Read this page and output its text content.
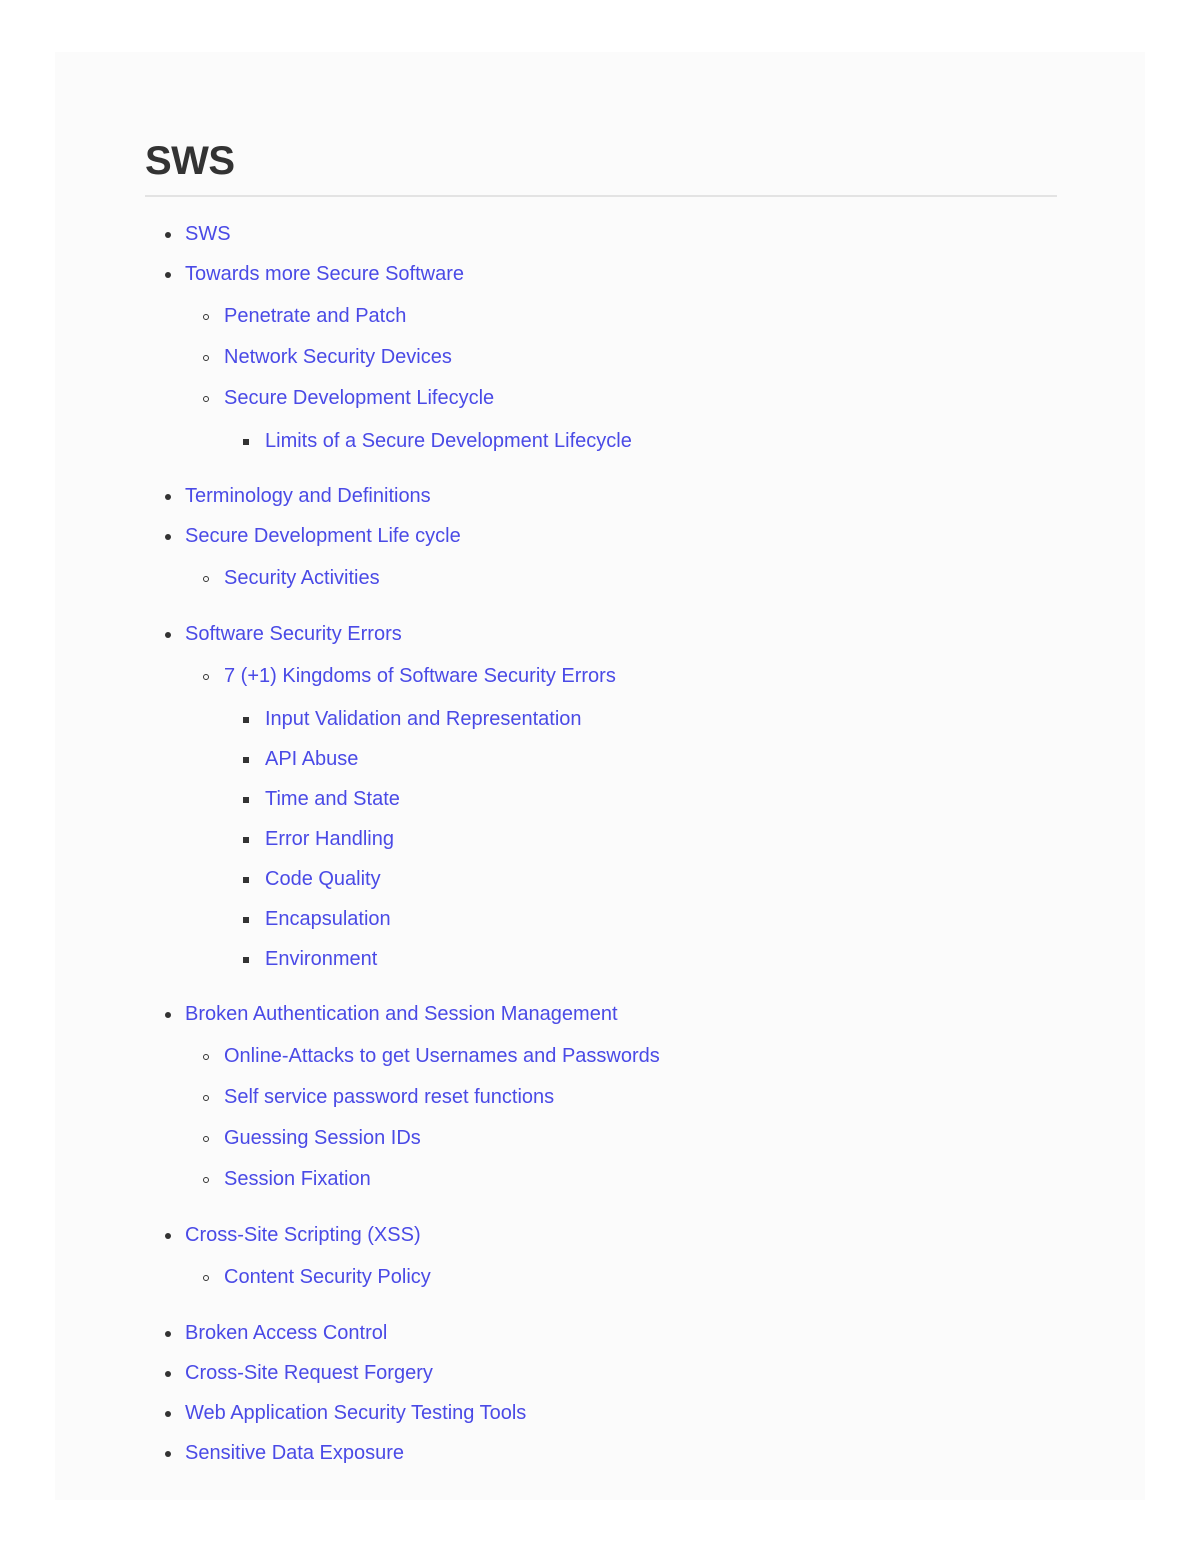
SWS
SWS
Towards more Secure Software
Penetrate and Patch
Network Security Devices
Secure Development Lifecycle
Limits of a Secure Development Lifecycle
Terminology and Definitions
Secure Development Life cycle
Security Activities
Software Security Errors
7 (+1) Kingdoms of Software Security Errors
Input Validation and Representation
API Abuse
Time and State
Error Handling
Code Quality
Encapsulation
Environment
Broken Authentication and Session Management
Online-Attacks to get Usernames and Passwords
Self service password reset functions
Guessing Session IDs
Session Fixation
Cross-Site Scripting (XSS)
Content Security Policy
Broken Access Control
Cross-Site Request Forgery
Web Application Security Testing Tools
Sensitive Data Exposure
